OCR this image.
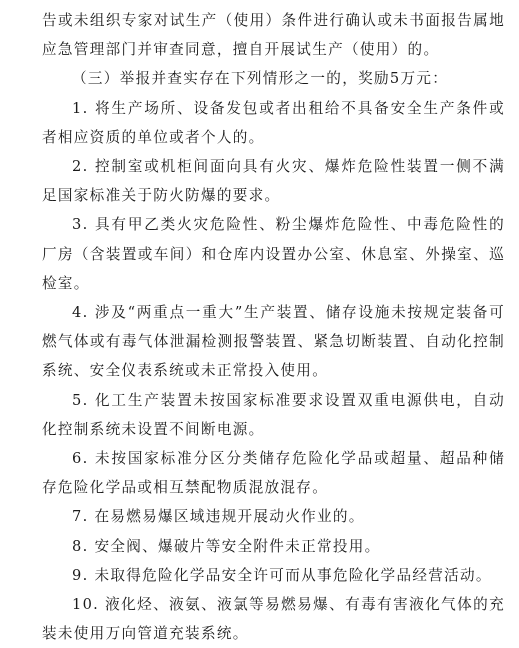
告或未组织专家对试生产（使用）条件进行确认或未书面报告属地应急管理部门并审查同意，擅自开展试生产（使用）的。

（三）举报并查实存在下列情形之一的，奖励5万元：

1. 将生产场所、设备发包或者出租给不具备安全生产条件或者相应资质的单位或者个人的。

2. 控制室或机柜间面向具有火灾、爆炸危险性装置一侧不满足国家标准关于防火防爆的要求。

3. 具有甲乙类火灾危险性、粉尘爆炸危险性、中毒危险性的厂房（含装置或车间）和仓库内设置办公室、休息室、外操室、巡检室。

4. 涉及“两重点一重大”生产装置、储存设施未按规定装备可燃气体或有毒气体泄漏检测报警装置、紧急切断装置、自动化控制系统、安全仪表系统或未正常投入使用。

5. 化工生产装置未按国家标准要求设置双重电源供电，自动化控制系统未设置不间断电源。

6. 未按国家标准分区分类储存危险化学品或超量、超品种储存危险化学品或相互禁配物质混放混存。

7. 在易燃易爆区域违规开展动火作业的。

8. 安全阀、爆破片等安全附件未正常投用。

9. 未取得危险化学品安全许可而从事危险化学品经营活动。

10. 液化烃、液氨、液氯等易燃易爆、有毒有害液化气体的充装未使用万向管道充装系统。
